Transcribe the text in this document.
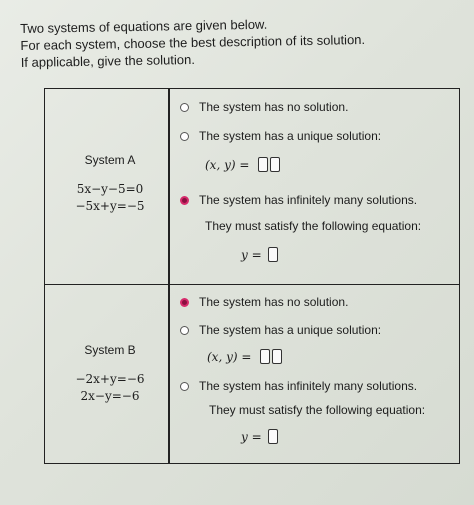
Two systems of equations are given below.
For each system, choose the best description of its solution.
If applicable, give the solution.
System A
5x−y−5=0
−5x+y=−5
The system has no solution.
The system has a unique solution:
(x, y) =
The system has infinitely many solutions.
They must satisfy the following equation:
y =
System B
−2x+y=−6
2x−y=−6
The system has no solution.
The system has a unique solution:
(x, y) =
The system has infinitely many solutions.
They must satisfy the following equation:
y =
